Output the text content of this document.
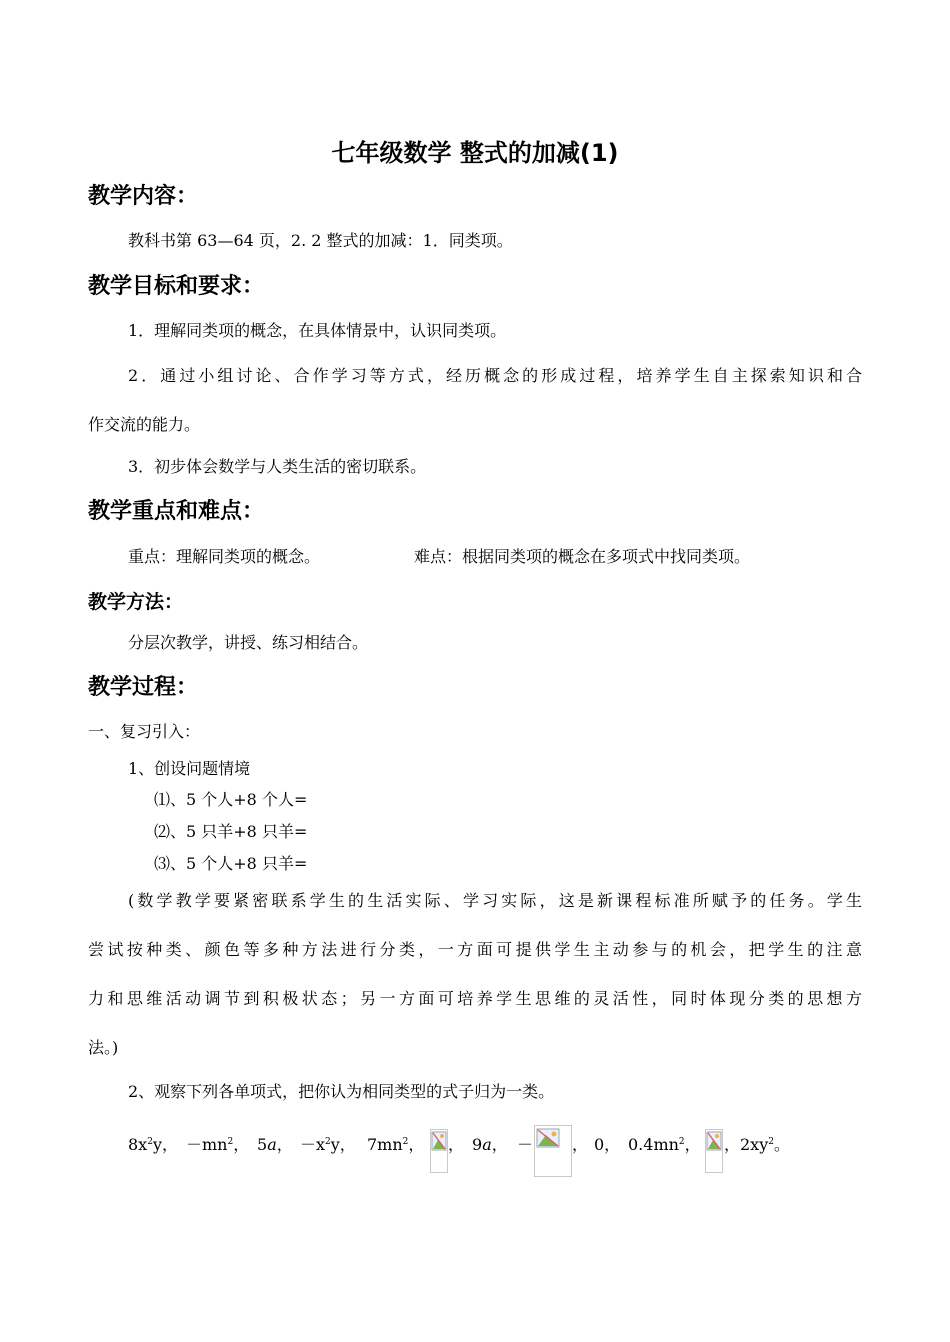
七年级数学 整式的加减(1)
教学内容：
教科书第 63—64 页，2. 2 整式的加减：1．同类项。
教学目标和要求：
1．理解同类项的概念，在具体情景中，认识同类项。
2．通过小组讨论、合作学习等方式，经历概念的形成过程，培养学生自主探索知识和合
作交流的能力。
3．初步体会数学与人类生活的密切联系。
教学重点和难点：
重点：理解同类项的概念。	难点：根据同类项的概念在多项式中找同类项。
教学方法：
分层次教学，讲授、练习相结合。
教学过程：
一、复习引入：
1、创设问题情境
⑴、5 个人+8 个人=
⑵、5 只羊+8 只羊=
⑶、5 个人+8 只羊=
(数学教学要紧密联系学生的生活实际、学习实际，这是新课程标准所赋予的任务。学生
尝试按种类、颜色等多种方法进行分类，一方面可提供学生主动参与的机会，把学生的注意
力和思维活动调节到积极状态；另一方面可培养学生思维的灵活性，同时体现分类的思想方
法。)
2、观察下列各单项式，把你认为相同类型的式子归为一类。
$8x^2y$， $-mn^2$， 5a， $-x^2y$， $7mn^2$， ， 9a， － ， 0， $0.4mn^2$， ，$2xy^2$。
